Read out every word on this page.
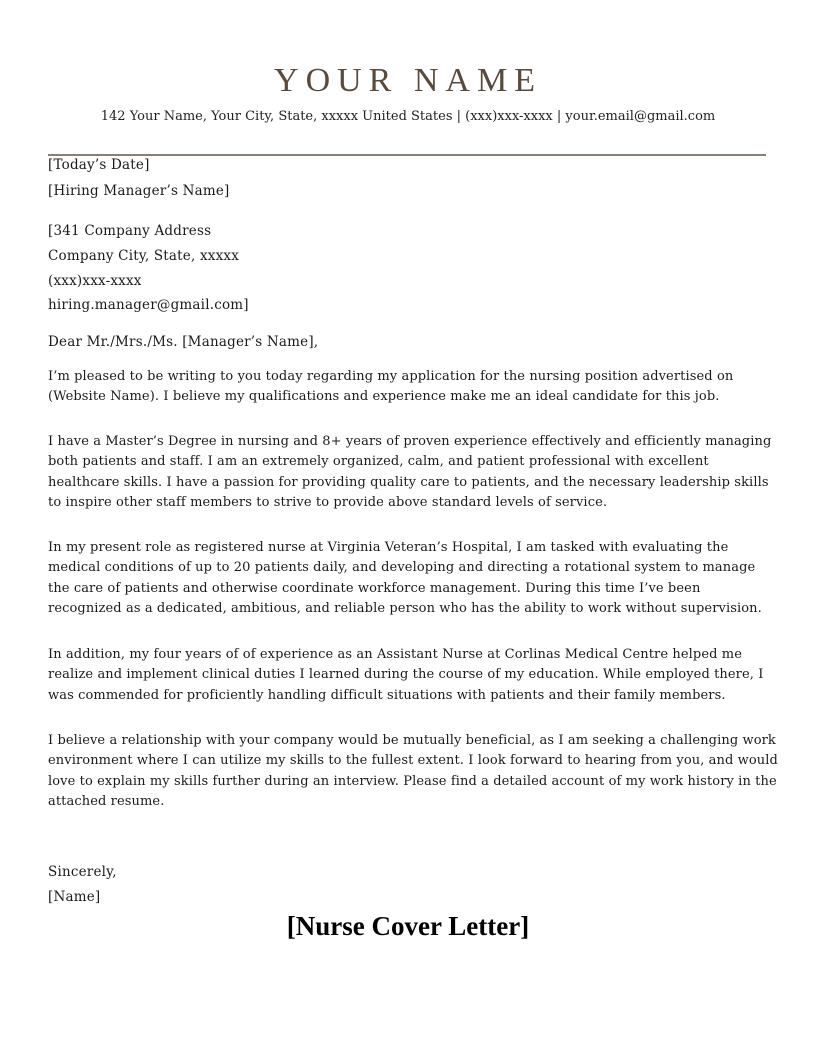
YOUR NAME
142 Your Name, Your City, State, xxxxx United States | (xxx)xxx-xxxx | your.email@gmail.com
[Today’s Date]
[Hiring Manager’s Name]
[341 Company Address
Company City, State, xxxxx
(xxx)xxx-xxxx
hiring.manager@gmail.com]
Dear Mr./Mrs./Ms. [Manager’s Name],
I’m pleased to be writing to you today regarding my application for the nursing position advertised on (Website Name). I believe my qualifications and experience make me an ideal candidate for this job.
I have a Master’s Degree in nursing and 8+ years of proven experience effectively and efficiently managing both patients and staff. I am an extremely organized, calm, and patient professional with excellent healthcare skills. I have a passion for providing quality care to patients, and the necessary leadership skills to inspire other staff members to strive to provide above standard levels of service.
In my present role as registered nurse at Virginia Veteran’s Hospital, I am tasked with evaluating the medical conditions of up to 20 patients daily, and developing and directing a rotational system to manage the care of patients and otherwise coordinate workforce management. During this time I’ve been recognized as a dedicated, ambitious, and reliable person who has the ability to work without supervision.
In addition, my four years of of experience as an Assistant Nurse at Corlinas Medical Centre helped me realize and implement clinical duties I learned during the course of my education. While employed there, I was commended for proficiently handling difficult situations with patients and their family members.
I believe a relationship with your company would be mutually beneficial, as I am seeking a challenging work environment where I can utilize my skills to the fullest extent. I look forward to hearing from you, and would love to explain my skills further during an interview. Please find a detailed account of my work history in the attached resume.
Sincerely,
[Name]
[Nurse Cover Letter]
